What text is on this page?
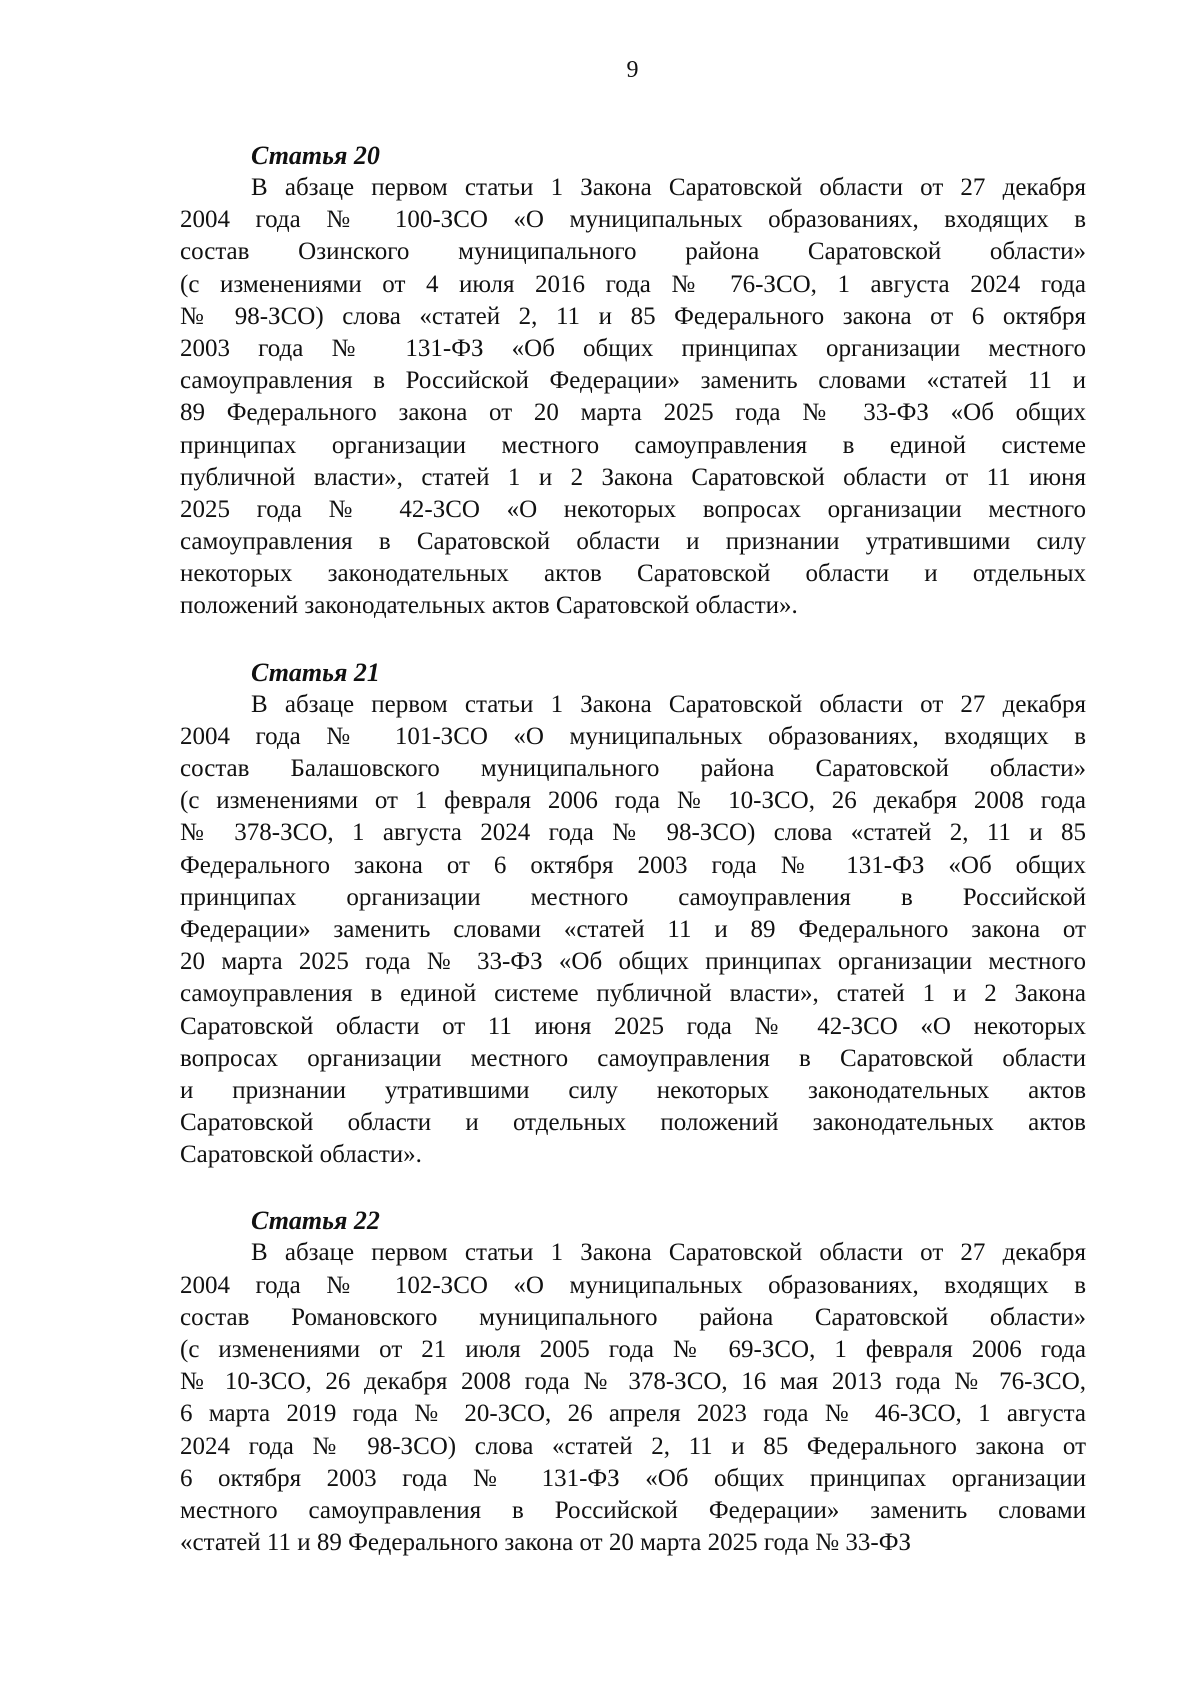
9
Статья 20
В абзаце первом статьи 1 Закона Саратовской области от 27 декабря
2004 года № 100-ЗСО «О муниципальных образованиях, входящих в
состав Озинского муниципального района Саратовской области»
(с изменениями от 4 июля 2016 года № 76-ЗСО, 1 августа 2024 года
№ 98-ЗСО) слова «статей 2, 11 и 85 Федерального закона от 6 октября
2003 года № 131-ФЗ «Об общих принципах организации местного
самоуправления в Российской Федерации» заменить словами «статей 11 и
89 Федерального закона от 20 марта 2025 года № 33-ФЗ «Об общих
принципах организации местного самоуправления в единой системе
публичной власти», статей 1 и 2 Закона Саратовской области от 11 июня
2025 года № 42-ЗСО «О некоторых вопросах организации местного
самоуправления в Саратовской области и признании утратившими силу
некоторых законодательных актов Саратовской области и отдельных
положений законодательных актов Саратовской области».
Статья 21
В абзаце первом статьи 1 Закона Саратовской области от 27 декабря
2004 года № 101-ЗСО «О муниципальных образованиях, входящих в
состав Балашовского муниципального района Саратовской области»
(с изменениями от 1 февраля 2006 года № 10-ЗСО, 26 декабря 2008 года
№ 378-ЗСО, 1 августа 2024 года № 98-ЗСО) слова «статей 2, 11 и 85
Федерального закона от 6 октября 2003 года № 131-ФЗ «Об общих
принципах организации местного самоуправления в Российской
Федерации» заменить словами «статей 11 и 89 Федерального закона от
20 марта 2025 года № 33-ФЗ «Об общих принципах организации местного
самоуправления в единой системе публичной власти», статей 1 и 2 Закона
Саратовской области от 11 июня 2025 года № 42-ЗСО «О некоторых
вопросах организации местного самоуправления в Саратовской области
и признании утратившими силу некоторых законодательных актов
Саратовской области и отдельных положений законодательных актов
Саратовской области».
Статья 22
В абзаце первом статьи 1 Закона Саратовской области от 27 декабря
2004 года № 102-ЗСО «О муниципальных образованиях, входящих в
состав Романовского муниципального района Саратовской области»
(с изменениями от 21 июля 2005 года № 69-ЗСО, 1 февраля 2006 года
№ 10-ЗСО, 26 декабря 2008 года № 378-ЗСО, 16 мая 2013 года № 76-ЗСО,
6 марта 2019 года № 20-ЗСО, 26 апреля 2023 года № 46-ЗСО, 1 августа
2024 года № 98-ЗСО) слова «статей 2, 11 и 85 Федерального закона от
6 октября 2003 года № 131-ФЗ «Об общих принципах организации
местного самоуправления в Российской Федерации» заменить словами
«статей 11 и 89 Федерального закона от 20 марта 2025 года № 33-ФЗ
